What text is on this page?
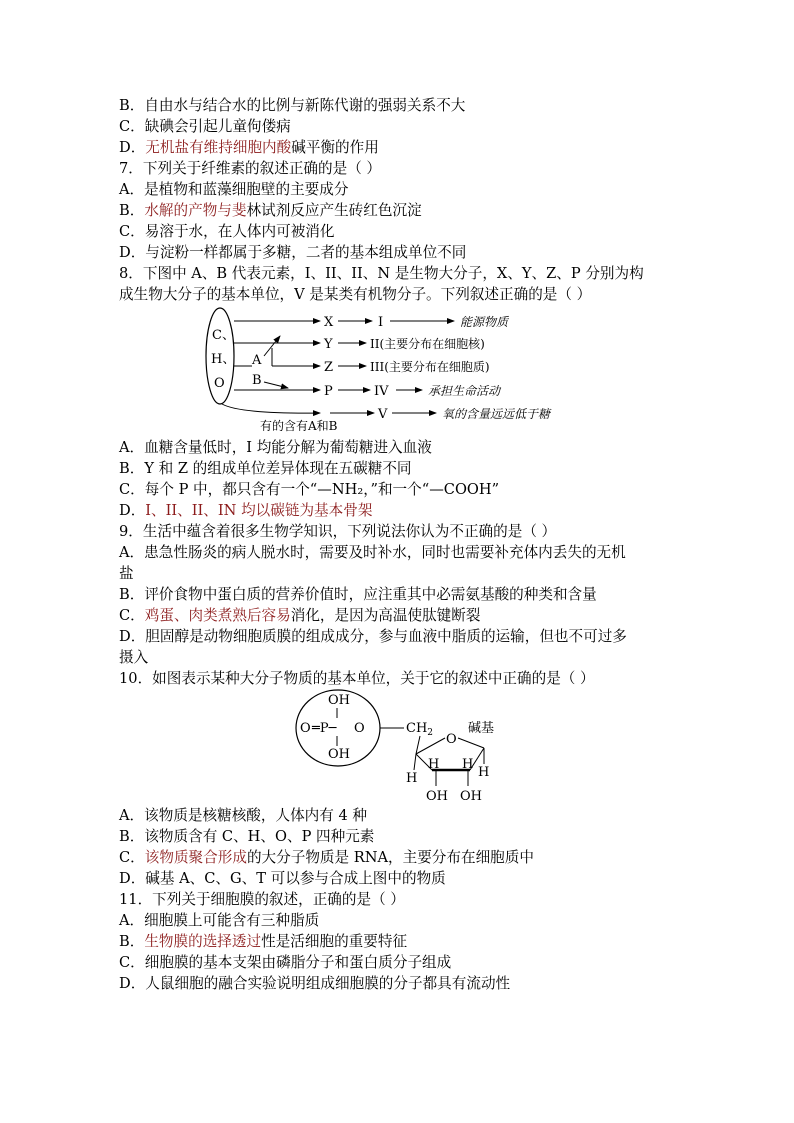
B．自由水与结合水的比例与新陈代谢的强弱关系不大
C．缺碘会引起儿童佝偻病
D．无机盐有维持细胞内酸碱平衡的作用
7．下列关于纤维素的叙述正确的是（ ）
A．是植物和蓝藻细胞壁的主要成分
B．水解的产物与斐林试剂反应产生砖红色沉淀
C．易溶于水，在人体内可被消化
D．与淀粉一样都属于多糖，二者的基本组成单位不同
8．下图中 A、B 代表元素，I、II、II、N 是生物大分子，X、Y、Z、P 分别为构
成生物大分子的基本单位，V 是某类有机物分子。下列叙述正确的是（ ）
C、
H、
O
X	I	能源物质
Y	II(主要分布在细胞核)
A	Z	III(主要分布在细胞质)
B
P	IV	承担生命活动
V	氧的含量远远低于糖
有的含有A和B
A．血糖含量低时，I 均能分解为葡萄糖进入血液
B．Y 和 Z 的组成单位差异体现在五碳糖不同
C．每个 P 中，都只含有一个“—NH₂，”和一个“—COOH”
D．I、II、II、IN 均以碳链为基本骨架
9．生活中蕴含着很多生物学知识，下列说法你认为不正确的是（ ）
A．患急性肠炎的病人脱水时，需要及时补水，同时也需要补充体内丢失的无机
盐
B．评价食物中蛋白质的营养价值时，应注重其中必需氨基酸的种类和含量
C．鸡蛋、肉类煮熟后容易消化，是因为高温使肽键断裂
D．胆固醇是动物细胞质膜的组成成分，参与血液中脂质的运输，但也不可过多
摄入
10．如图表示某种大分子物质的基本单位，关于它的叙述中正确的是（ ）
OH
O ═P─ O
OH
$CH_2$ O
碱基
H
H H
H
OH OH
A．该物质是核糖核酸，人体内有 4 种
B．该物质含有 C、H、O、P 四种元素
C．该物质聚合形成的大分子物质是 RNA，主要分布在细胞质中
D．碱基 A、C、G、T 可以参与合成上图中的物质
11．下列关于细胞膜的叙述，正确的是（ ）
A．细胞膜上可能含有三种脂质
B．生物膜的选择透过性是活细胞的重要特征
C．细胞膜的基本支架由磷脂分子和蛋白质分子组成
D．人鼠细胞的融合实验说明组成细胞膜的分子都具有流动性
